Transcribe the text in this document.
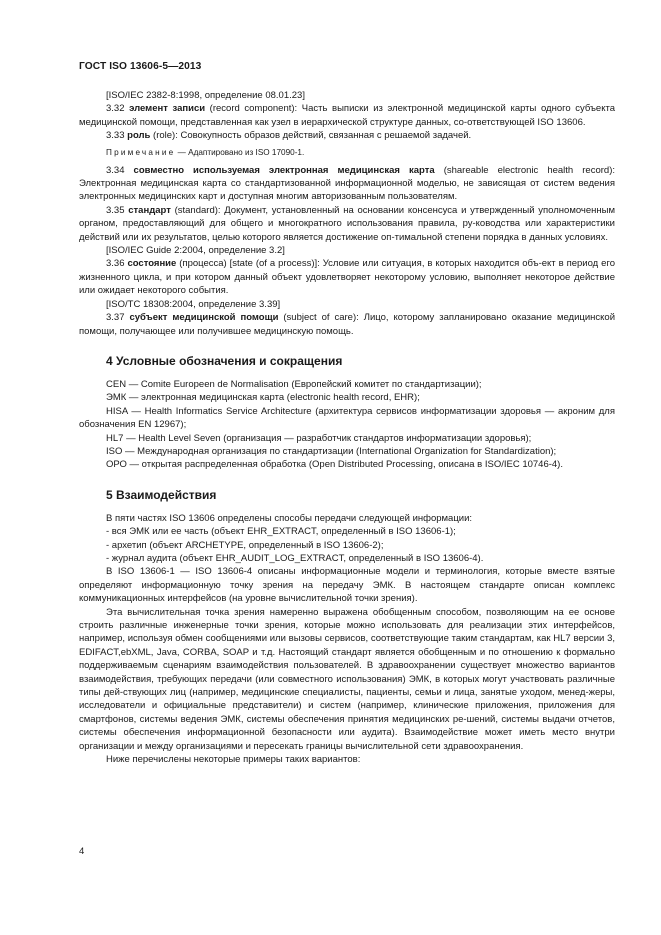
ГОСТ ISO 13606-5—2013

[ISO/IEC 2382-8:1998, определение 08.01.23]

3.32 элемент записи (record component): Часть выписки из электронной медицинской карты одного субъекта медицинской помощи, представленная как узел в иерархической структуре данных, со-ответствующей ISO 13606.

3.33 роль (role): Совокупность образов действий, связанная с решаемой задачей.

Примечание — Адаптировано из ISO 17090-1.

3.34 совместно используемая электронная медицинская карта (shareable electronic health record): Электронная медицинская карта со стандартизованной информационной моделью, не зависящая от систем ведения электронных медицинских карт и доступная многим авторизованным пользователям.

3.35 стандарт (standard): Документ, установленный на основании консенсуса и утвержденный уполномоченным органом, предоставляющий для общего и многократного использования правила, ру-ководства или характеристики действий или их результатов, целью которого является достижение оп-тимальной степени порядка в данных условиях.

[ISO/IEC Guide 2:2004, определение 3.2]

3.36 состояние (процесса) [state (of a process)]: Условие или ситуация, в которых находится объ-ект в период его жизненного цикла, и при котором данный объект удовлетворяет некоторому условию, выполняет некоторое действие или ожидает некоторого события.

[ISO/TC 18308:2004, определение 3.39]

3.37 субъект медицинской помощи (subject of care): Лицо, которому запланировано оказание медицинской помощи, получающее или получившее медицинскую помощь.

4 Условные обозначения и сокращения

CEN — Comite Europeen de Normalisation (Европейский комитет по стандартизации);

ЭМК — электронная медицинская карта (electronic health record, EHR);

HISA — Health Informatics Service Architecture (архитектура сервисов информатизации здоровья — акроним для обозначения EN 12967);

HL7 — Health Level Seven (организация — разработчик стандартов информатизации здоровья);

ISO — Международная организация по стандартизации (International Organization for Standardization);

ОРО — открытая распределенная обработка (Open Distributed Processing, описана в ISO/IEC 10746-4).

5 Взаимодействия

В пяти частях ISO 13606 определены способы передачи следующей информации:

- вся ЭМК или ее часть (объект EHR_EXTRACT, определенный в ISO 13606-1);

- архетип (объект ARCHETYPE, определенный в ISO 13606-2);

- журнал аудита (объект EHR_AUDIT_LOG_EXTRACT, определенный в ISO 13606-4).

В ISO 13606-1 — ISO 13606-4 описаны информационные модели и терминология, которые вместе взятые определяют информационную точку зрения на передачу ЭМК. В настоящем стандарте описан комплекс коммуникационных интерфейсов (на уровне вычислительной точки зрения).

Эта вычислительная точка зрения намеренно выражена обобщенным способом, позволяющим на ее основе строить различные инженерные точки зрения, которые можно использовать для реализации этих интерфейсов, например, используя обмен сообщениями или вызовы сервисов, соответствующие таким стандартам, как HL7 версии 3, EDIFACT,ebXML, Java, CORBA, SOAP и т.д. Настоящий стандарт является обобщенным и по отношению к формально поддерживаемым сценариям взаимодействия пользователей. В здравоохранении существует множество вариантов взаимодействия, требующих передачи (или совместного использования) ЭМК, в которых могут участвовать различные типы дей-ствующих лиц (например, медицинские специалисты, пациенты, семьи и лица, занятые уходом, менед-жеры, исследователи и официальные представители) и систем (например, клинические приложения, приложения для смартфонов, системы ведения ЭМК, системы обеспечения принятия медицинских ре-шений, системы выдачи отчетов, системы обеспечения информационной безопасности или аудита). Взаимодействие может иметь место внутри организации и между организациями и пересекать границы вычислительной сети здравоохранения.

Ниже перечислены некоторые примеры таких вариантов:

4
